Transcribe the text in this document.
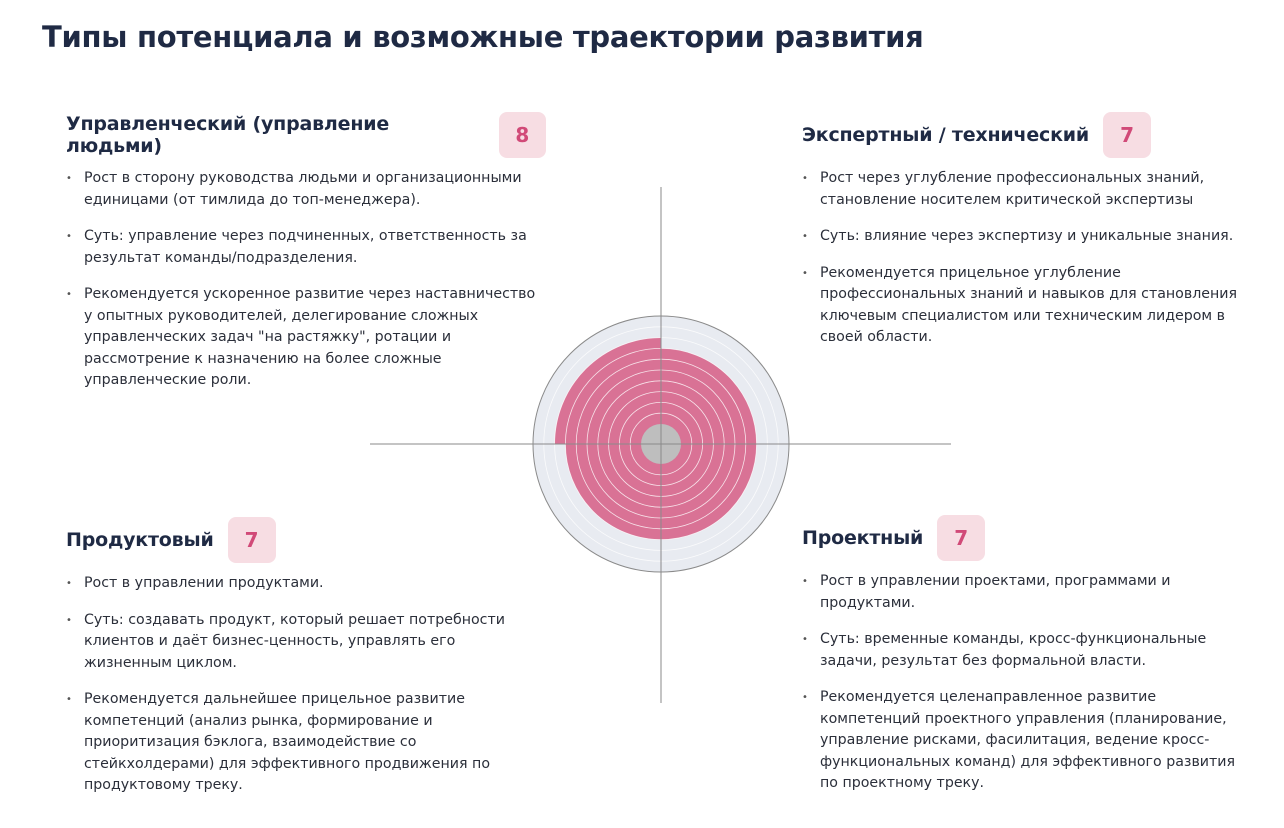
Типы потенциала и возможные траектории развития
Управленческий (управление людьми)	8
• Рост в сторону руководства людьми и организационными единицами (от тимлида до топ-менеджера).
• Суть: управление через подчиненных, ответственность за результат команды/подразделения.
• Рекомендуется ускоренное развитие через наставничество у опытных руководителей, делегирование сложных управленческих задач "на растяжку", ротации и рассмотрение к назначению на более сложные управленческие роли.
Экспертный / технический	7
• Рост через углубление профессиональных знаний, становление носителем критической экспертизы
• Суть: влияние через экспертизу и уникальные знания.
• Рекомендуется прицельное углубление профессиональных знаний и навыков для становления ключевым специалистом или техническим лидером в своей области.
Продуктовый	7
• Рост в управлении продуктами.
• Суть: создавать продукт, который решает потребности клиентов и даёт бизнес-ценность, управлять его жизненным циклом.
• Рекомендуется дальнейшее прицельное развитие компетенций (анализ рынка, формирование и приоритизация бэклога, взаимодействие со стейкхолдерами) для эффективного продвижения по продуктовому треку.
Проектный	7
• Рост в управлении проектами, программами и продуктами.
• Суть: временные команды, кросс-функциональные задачи, результат без формальной власти.
• Рекомендуется целенаправленное развитие компетенций проектного управления (планирование, управление рисками, фасилитация, ведение кросс-функциональных команд) для эффективного развития по проектному треку.
